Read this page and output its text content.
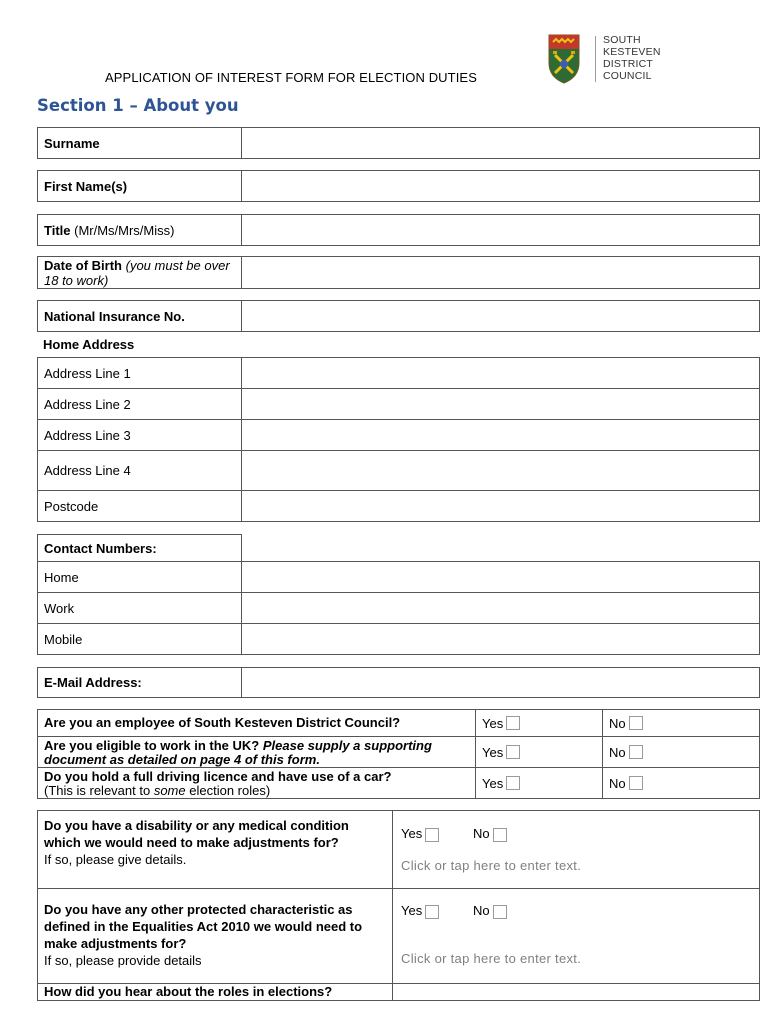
APPLICATION OF INTEREST FORM FOR ELECTION DUTIES
SOUTH
KESTEVEN
DISTRICT
COUNCIL
Section 1 – About you
Surname
First Name(s)
Title (Mr/Ms/Mrs/Miss)
Date of Birth (you must be over 18 to work)
National Insurance No.
Home Address
Address Line 1
Address Line 2
Address Line 3
Address Line 4
Postcode
Contact Numbers:
Home
Work
Mobile
E-Mail Address:
Are you an employee of South Kesteven District Council?	Yes	No
Are you eligible to work in the UK? Please supply a supporting document as detailed on page 4 of this form.	Yes	No
Do you hold a full driving licence and have use of a car?
(This is relevant to some election roles)	Yes	No
Do you have a disability or any medical condition which we would need to make adjustments for?
If so, please give details.
Yes	No
Click or tap here to enter text.
Do you have any other protected characteristic as defined in the Equalities Act 2010 we would need to make adjustments for?
If so, please provide details
Yes	No
Click or tap here to enter text.
How did you hear about the roles in elections?
